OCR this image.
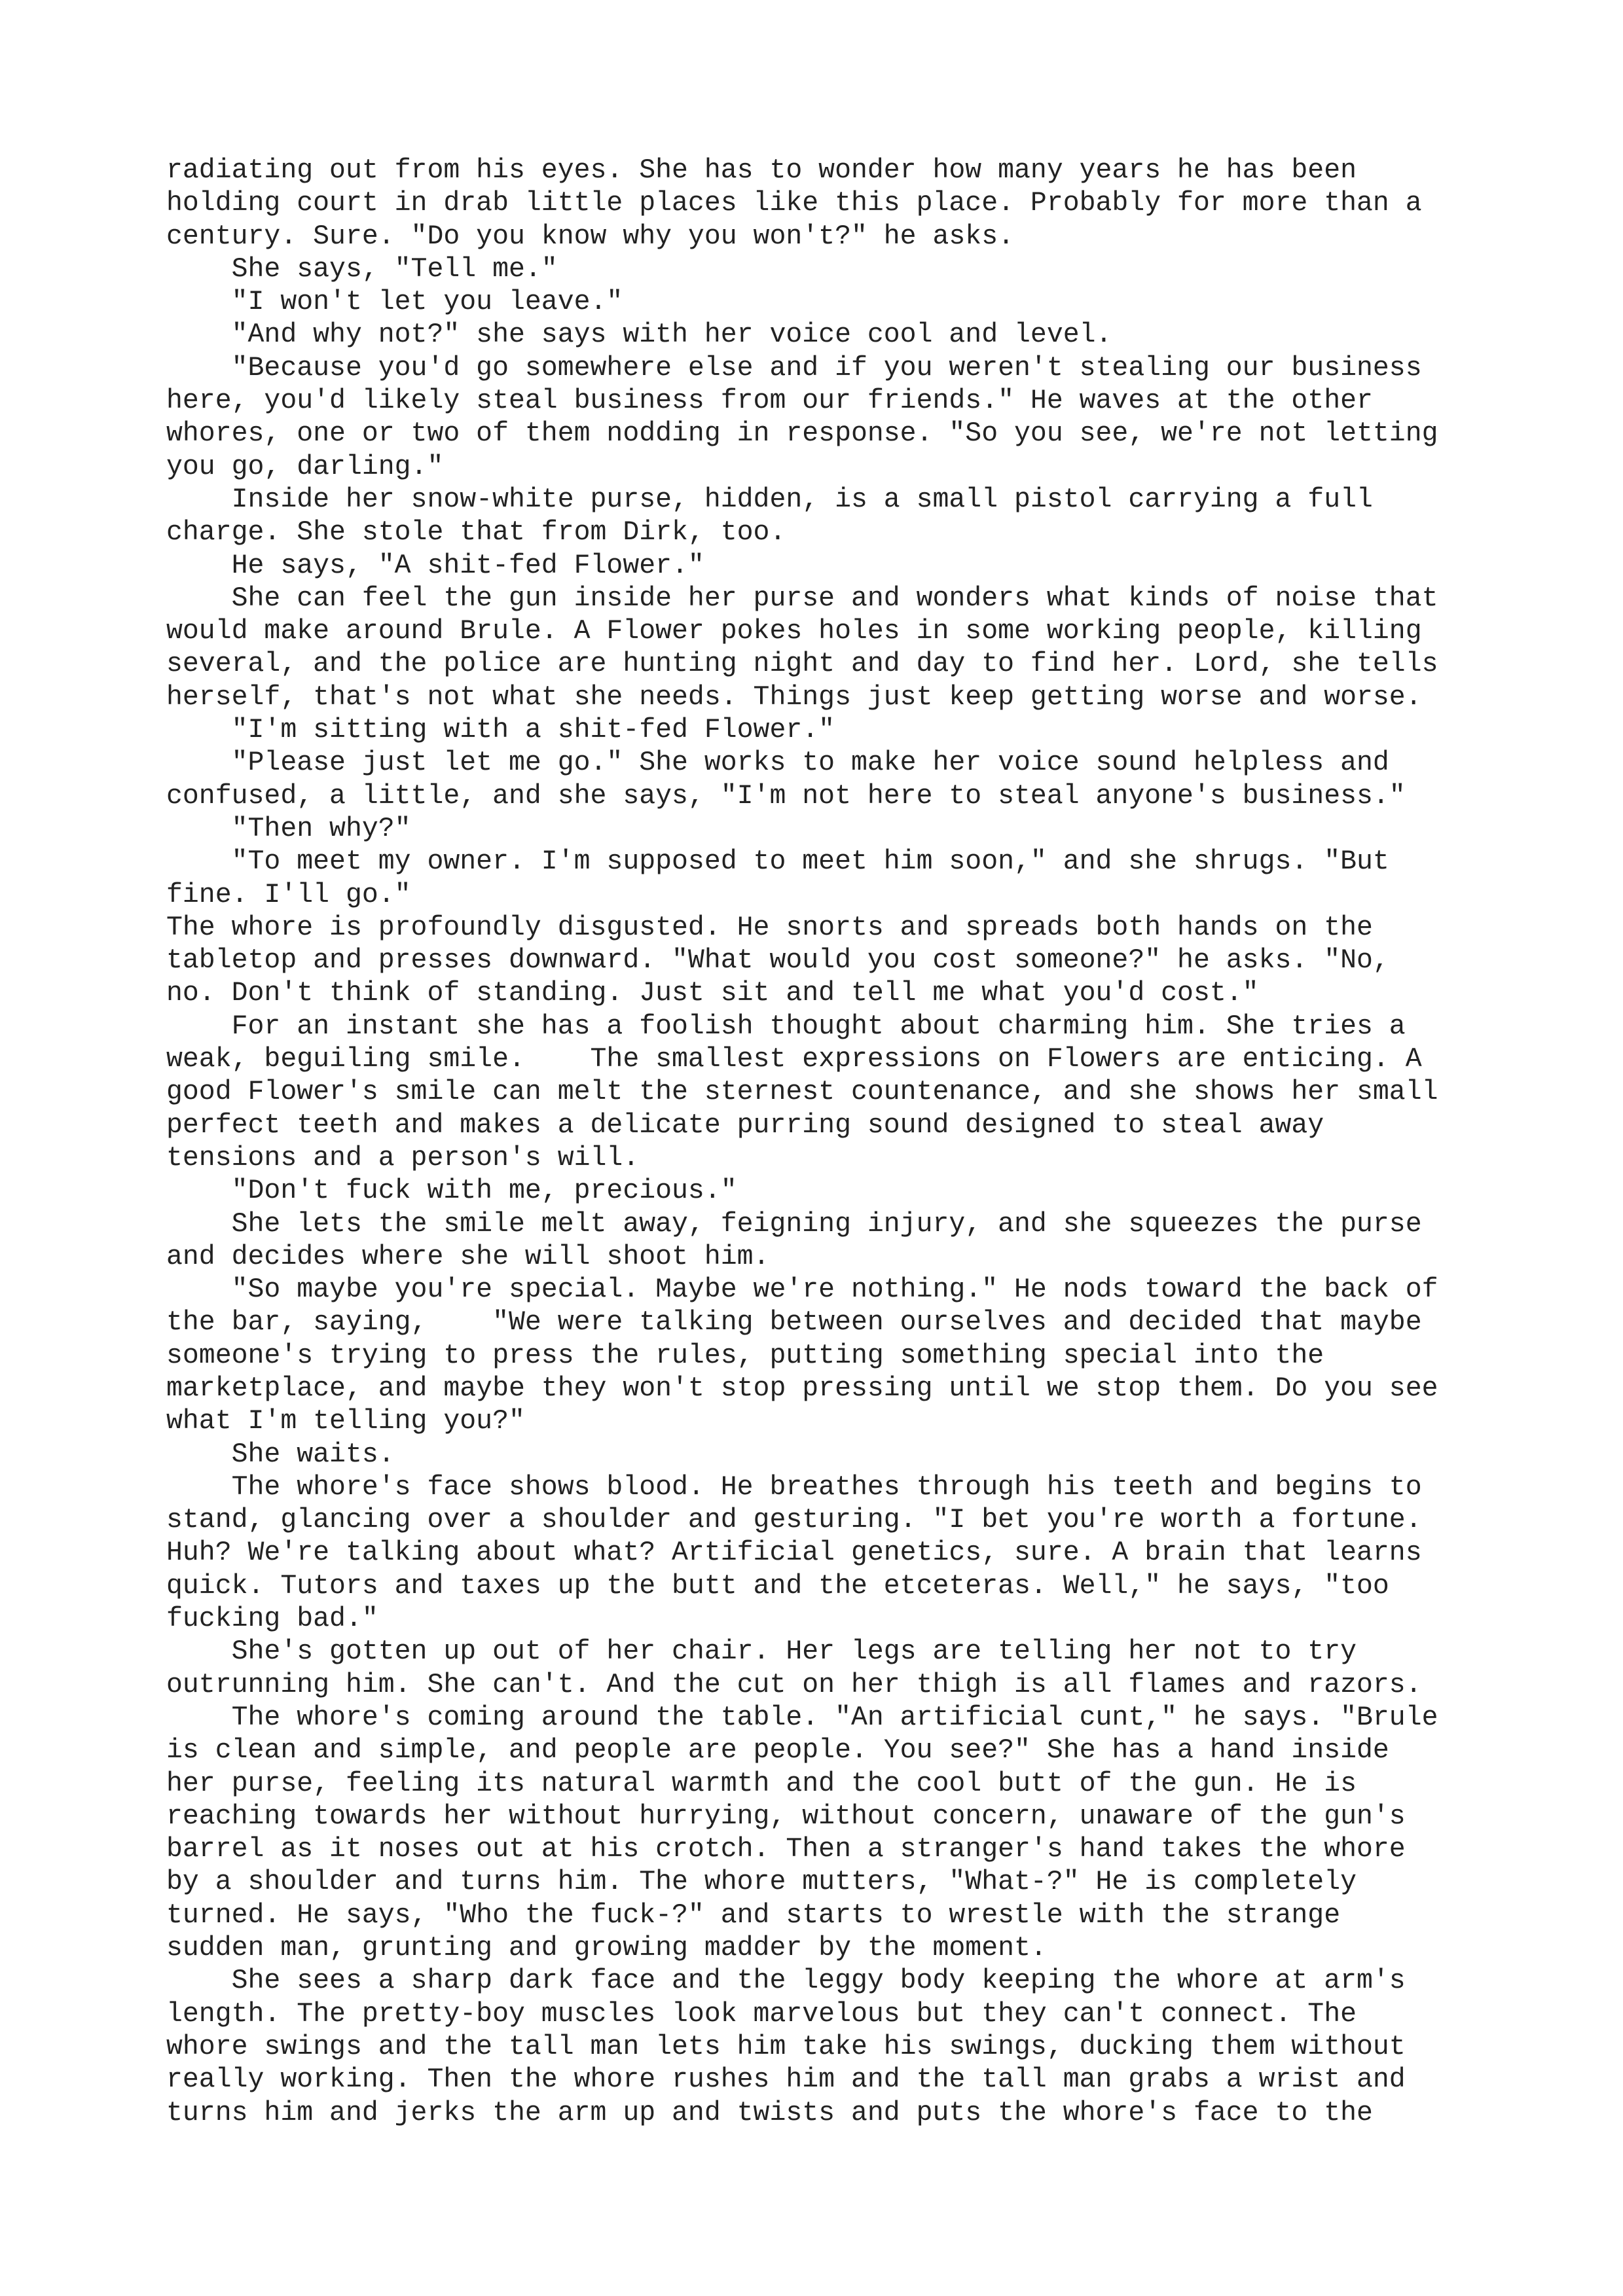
radiating out from his eyes. She has to wonder how many years he has been
holding court in drab little places like this place. Probably for more than a
century. Sure. "Do you know why you won't?" he asks.
She says, "Tell me."
"I won't let you leave."
"And why not?" she says with her voice cool and level.
"Because you'd go somewhere else and if you weren't stealing our business
here, you'd likely steal business from our friends." He waves at the other
whores, one or two of them nodding in response. "So you see, we're not letting
you go, darling."
Inside her snow-white purse, hidden, is a small pistol carrying a full
charge. She stole that from Dirk, too.
He says, "A shit-fed Flower."
She can feel the gun inside her purse and wonders what kinds of noise that
would make around Brule. A Flower pokes holes in some working people, killing
several, and the police are hunting night and day to find her. Lord, she tells
herself, that's not what she needs. Things just keep getting worse and worse.
"I'm sitting with a shit-fed Flower."
"Please just let me go." She works to make her voice sound helpless and
confused, a little, and she says, "I'm not here to steal anyone's business."
"Then why?"
"To meet my owner. I'm supposed to meet him soon," and she shrugs. "But
fine. I'll go."
The whore is profoundly disgusted. He snorts and spreads both hands on the
tabletop and presses downward. "What would you cost someone?" he asks. "No,
no. Don't think of standing. Just sit and tell me what you'd cost."
For an instant she has a foolish thought about charming him. She tries a
weak, beguiling smile.    The smallest expressions on Flowers are enticing. A
good Flower's smile can melt the sternest countenance, and she shows her small
perfect teeth and makes a delicate purring sound designed to steal away
tensions and a person's will.
"Don't fuck with me, precious."
She lets the smile melt away, feigning injury, and she squeezes the purse
and decides where she will shoot him.
"So maybe you're special. Maybe we're nothing." He nods toward the back of
the bar, saying,    "We were talking between ourselves and decided that maybe
someone's trying to press the rules, putting something special into the
marketplace, and maybe they won't stop pressing until we stop them. Do you see
what I'm telling you?"
She waits.
The whore's face shows blood. He breathes through his teeth and begins to
stand, glancing over a shoulder and gesturing. "I bet you're worth a fortune.
Huh? We're talking about what? Artificial genetics, sure. A brain that learns
quick. Tutors and taxes up the butt and the etceteras. Well," he says, "too
fucking bad."
She's gotten up out of her chair. Her legs are telling her not to try
outrunning him. She can't. And the cut on her thigh is all flames and razors.
The whore's coming around the table. "An artificial cunt," he says. "Brule
is clean and simple, and people are people. You see?" She has a hand inside
her purse, feeling its natural warmth and the cool butt of the gun. He is
reaching towards her without hurrying, without concern, unaware of the gun's
barrel as it noses out at his crotch. Then a stranger's hand takes the whore
by a shoulder and turns him. The whore mutters, "What-?" He is completely
turned. He says, "Who the fuck-?" and starts to wrestle with the strange
sudden man, grunting and growing madder by the moment.
She sees a sharp dark face and the leggy body keeping the whore at arm's
length. The pretty-boy muscles look marvelous but they can't connect. The
whore swings and the tall man lets him take his swings, ducking them without
really working. Then the whore rushes him and the tall man grabs a wrist and
turns him and jerks the arm up and twists and puts the whore's face to the
